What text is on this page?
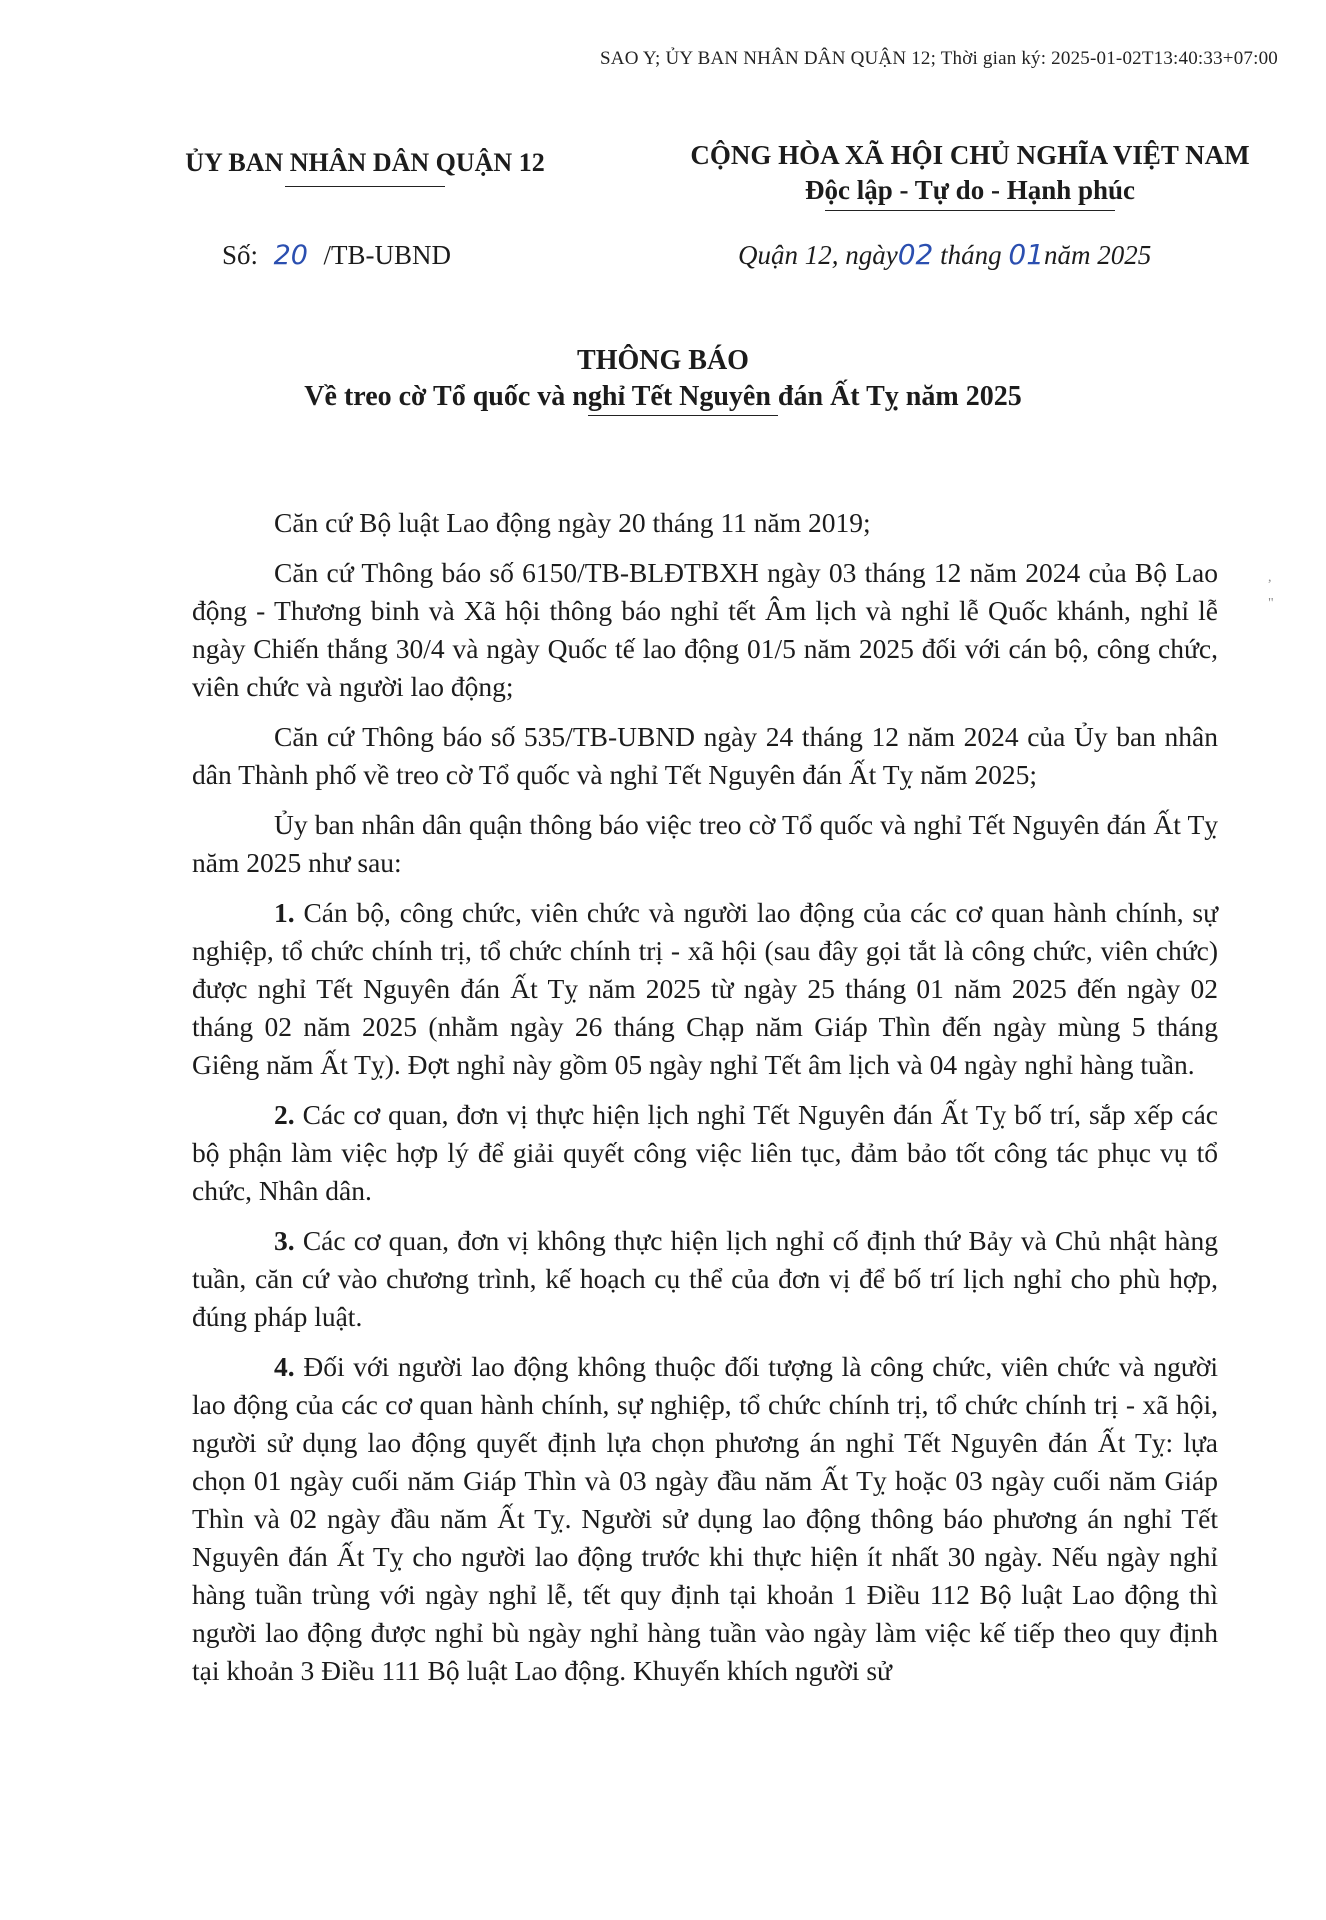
SAO Y; ỦY BAN NHÂN DÂN QUẬN 12; Thời gian ký: 2025-01-02T13:40:33+07:00
ỦY BAN NHÂN DÂN QUẬN 12	CỘNG HÒA XÃ HỘI CHỦ NGHĨA VIỆT NAM
Độc lập - Tự do - Hạnh phúc
Số: 20 /TB-UBND	Quận 12, ngày02 tháng 01năm 2025
THÔNG BÁO
Về treo cờ Tổ quốc và nghỉ Tết Nguyên đán Ất Tỵ năm 2025

Căn cứ Bộ luật Lao động ngày 20 tháng 11 năm 2019;

Căn cứ Thông báo số 6150/TB-BLĐTBXH ngày 03 tháng 12 năm 2024 của Bộ Lao động - Thương binh và Xã hội thông báo nghỉ tết Âm lịch và nghỉ lễ Quốc khánh, nghỉ lễ ngày Chiến thắng 30/4 và ngày Quốc tế lao động 01/5 năm 2025 đối với cán bộ, công chức, viên chức và người lao động;

Căn cứ Thông báo số 535/TB-UBND ngày 24 tháng 12 năm 2024 của Ủy ban nhân dân Thành phố về treo cờ Tổ quốc và nghỉ Tết Nguyên đán Ất Tỵ năm 2025;

Ủy ban nhân dân quận thông báo việc treo cờ Tổ quốc và nghỉ Tết Nguyên đán Ất Tỵ năm 2025 như sau:

1. Cán bộ, công chức, viên chức và người lao động của các cơ quan hành chính, sự nghiệp, tổ chức chính trị, tổ chức chính trị - xã hội (sau đây gọi tắt là công chức, viên chức) được nghỉ Tết Nguyên đán Ất Tỵ năm 2025 từ ngày 25 tháng 01 năm 2025 đến ngày 02 tháng 02 năm 2025 (nhằm ngày 26 tháng Chạp năm Giáp Thìn đến ngày mùng 5 tháng Giêng năm Ất Tỵ). Đợt nghỉ này gồm 05 ngày nghỉ Tết âm lịch và 04 ngày nghỉ hàng tuần.

2. Các cơ quan, đơn vị thực hiện lịch nghỉ Tết Nguyên đán Ất Tỵ bố trí, sắp xếp các bộ phận làm việc hợp lý để giải quyết công việc liên tục, đảm bảo tốt công tác phục vụ tổ chức, Nhân dân.

3. Các cơ quan, đơn vị không thực hiện lịch nghỉ cố định thứ Bảy và Chủ nhật hàng tuần, căn cứ vào chương trình, kế hoạch cụ thể của đơn vị để bố trí lịch nghỉ cho phù hợp, đúng pháp luật.

4. Đối với người lao động không thuộc đối tượng là công chức, viên chức và người lao động của các cơ quan hành chính, sự nghiệp, tổ chức chính trị, tổ chức chính trị - xã hội, người sử dụng lao động quyết định lựa chọn phương án nghỉ Tết Nguyên đán Ất Tỵ: lựa chọn 01 ngày cuối năm Giáp Thìn và 03 ngày đầu năm Ất Tỵ hoặc 03 ngày cuối năm Giáp Thìn và 02 ngày đầu năm Ất Tỵ. Người sử dụng lao động thông báo phương án nghỉ Tết Nguyên đán Ất Tỵ cho người lao động trước khi thực hiện ít nhất 30 ngày. Nếu ngày nghỉ hàng tuần trùng với ngày nghỉ lễ, tết quy định tại khoản 1 Điều 112 Bộ luật Lao động thì người lao động được nghỉ bù ngày nghỉ hàng tuần vào ngày làm việc kế tiếp theo quy định tại khoản 3 Điều 111 Bộ luật Lao động. Khuyến khích người sử

,
"
